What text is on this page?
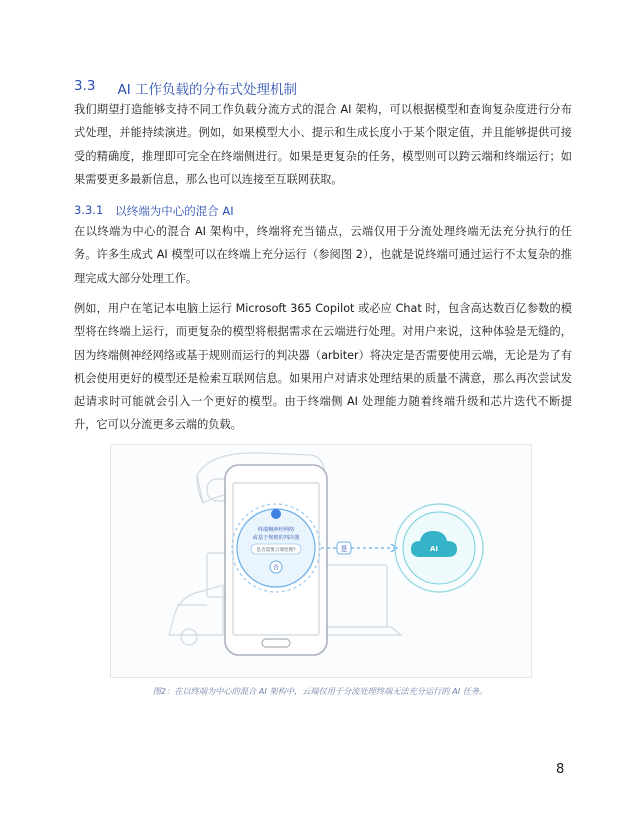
3.3 AI 工作负载的分布式处理机制

我们期望打造能够支持不同工作负载分流方式的混合 AI 架构，可以根据模型和查询复杂度进行分布式处理，并能持续演进。例如，如果模型大小、提示和生成长度小于某个限定值，并且能够提供可接受的精确度，推理即可完全在终端侧进行。如果是更复杂的任务，模型则可以跨云端和终端运行；如果需要更多最新信息，那么也可以连接至互联网获取。

3.3.1 以终端为中心的混合 AI

在以终端为中心的混合 AI 架构中，终端将充当锚点，云端仅用于分流处理终端无法充分执行的任务。许多生成式 AI 模型可以在终端上充分运行（参阅图 2），也就是说终端可通过运行不太复杂的推理完成大部分处理工作。

例如，用户在笔记本电脑上运行 Microsoft 365 Copilot 或必应 Chat 时，包含高达数百亿参数的模型将在终端上运行，而更复杂的模型将根据需求在云端进行处理。对用户来说，这种体验是无缝的，因为终端侧神经网络或基于规则而运行的判决器（arbiter）将决定是否需要使用云端，无论是为了有机会使用更好的模型还是检索互联网信息。如果用户对请求处理结果的质量不满意，那么再次尝试发起请求时可能就会引入一个更好的模型。由于终端侧 AI 处理能力随着终端升级和芯片迭代不断提升，它可以分流更多云端的负载。

终端侧神经网络
或基于规则的判决器
是否需要云端处理?
否
是	AI
图2：在以终端为中心的混合 AI 架构中，云端仅用于分流处理终端无法充分运行的 AI 任务。
8
